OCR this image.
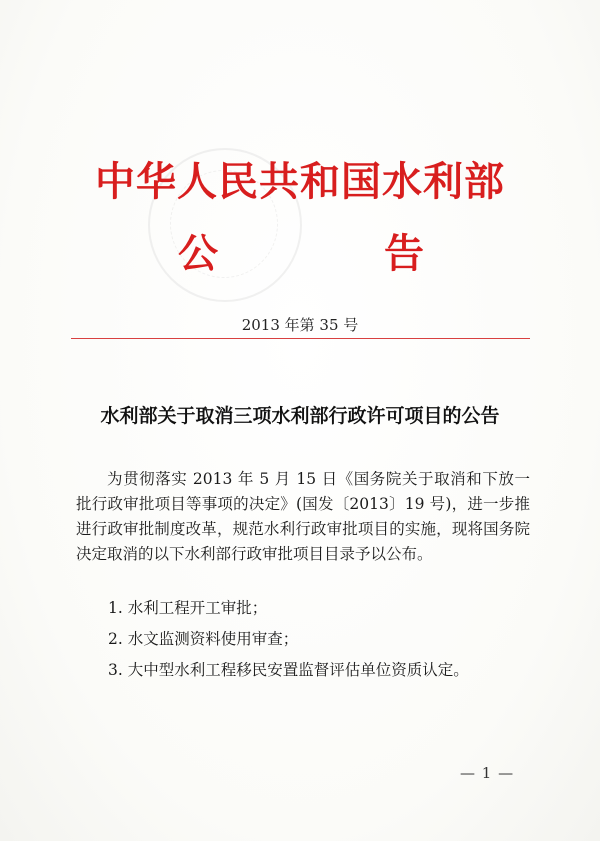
中华人民共和国水利部
公	告
2013 年第 35 号
水利部关于取消三项水利部行政许可项目的公告

为贯彻落实 2013 年 5 月 15 日《国务院关于取消和下放一批行政审批项目等事项的决定》(国发〔2013〕19 号)，进一步推进行政审批制度改革，规范水利行政审批项目的实施，现将国务院决定取消的以下水利部行政审批项目目录予以公布。

1. 水利工程开工审批；
2. 水文监测资料使用审查；
3. 大中型水利工程移民安置监督评估单位资质认定。
— 1 —
